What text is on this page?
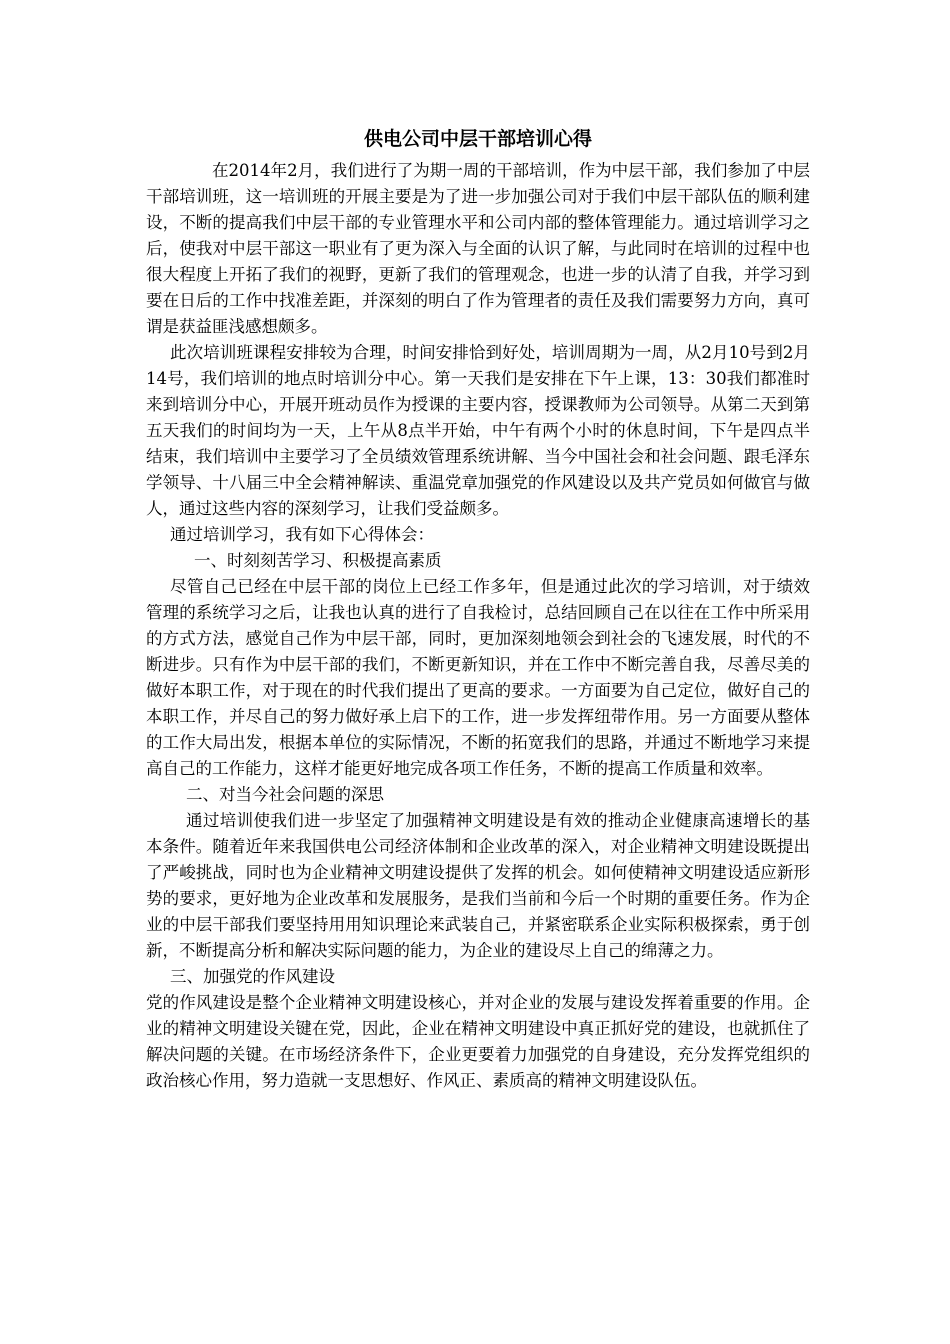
供电公司中层干部培训心得

在2014年2月，我们进行了为期一周的干部培训，作为中层干部，我们参加了中层干部培训班，这一培训班的开展主要是为了进一步加强公司对于我们中层干部队伍的顺利建设，不断的提高我们中层干部的专业管理水平和公司内部的整体管理能力。通过培训学习之后，使我对中层干部这一职业有了更为深入与全面的认识了解，与此同时在培训的过程中也很大程度上开拓了我们的视野，更新了我们的管理观念，也进一步的认清了自我，并学习到要在日后的工作中找准差距，并深刻的明白了作为管理者的责任及我们需要努力方向，真可谓是获益匪浅感想颇多。

此次培训班课程安排较为合理，时间安排恰到好处，培训周期为一周，从2月10号到2月14号，我们培训的地点时培训分中心。第一天我们是安排在下午上课，13：30我们都准时来到培训分中心，开展开班动员作为授课的主要内容，授课教师为公司领导。从第二天到第五天我们的时间均为一天，上午从8点半开始，中午有两个小时的休息时间，下午是四点半结束，我们培训中主要学习了全员绩效管理系统讲解、当今中国社会和社会问题、跟毛泽东学领导、十八届三中全会精神解读、重温党章加强党的作风建设以及共产党员如何做官与做人，通过这些内容的深刻学习，让我们受益颇多。

通过培训学习，我有如下心得体会：

一、时刻刻苦学习、积极提高素质

尽管自己已经在中层干部的岗位上已经工作多年，但是通过此次的学习培训，对于绩效管理的系统学习之后，让我也认真的进行了自我检讨，总结回顾自己在以往在工作中所采用的方式方法，感觉自己作为中层干部，同时，更加深刻地领会到社会的飞速发展，时代的不断进步。只有作为中层干部的我们，不断更新知识，并在工作中不断完善自我，尽善尽美的做好本职工作，对于现在的时代我们提出了更高的要求。一方面要为自己定位，做好自己的本职工作，并尽自己的努力做好承上启下的工作，进一步发挥纽带作用。另一方面要从整体的工作大局出发，根据本单位的实际情况，不断的拓宽我们的思路，并通过不断地学习来提高自己的工作能力，这样才能更好地完成各项工作任务，不断的提高工作质量和效率。

二、对当今社会问题的深思

通过培训使我们进一步坚定了加强精神文明建设是有效的推动企业健康高速增长的基本条件。随着近年来我国供电公司经济体制和企业改革的深入，对企业精神文明建设既提出了严峻挑战，同时也为企业精神文明建设提供了发挥的机会。如何使精神文明建设适应新形势的要求，更好地为企业改革和发展服务，是我们当前和今后一个时期的重要任务。作为企业的中层干部我们要坚持用用知识理论来武装自己，并紧密联系企业实际积极探索，勇于创新，不断提高分析和解决实际问题的能力，为企业的建设尽上自己的绵薄之力。

三、加强党的作风建设

党的作风建设是整个企业精神文明建设核心，并对企业的发展与建设发挥着重要的作用。企业的精神文明建设关键在党，因此，企业在精神文明建设中真正抓好党的建设，也就抓住了解决问题的关键。在市场经济条件下，企业更要着力加强党的自身建设，充分发挥党组织的政治核心作用，努力造就一支思想好、作风正、素质高的精神文明建设队伍。
